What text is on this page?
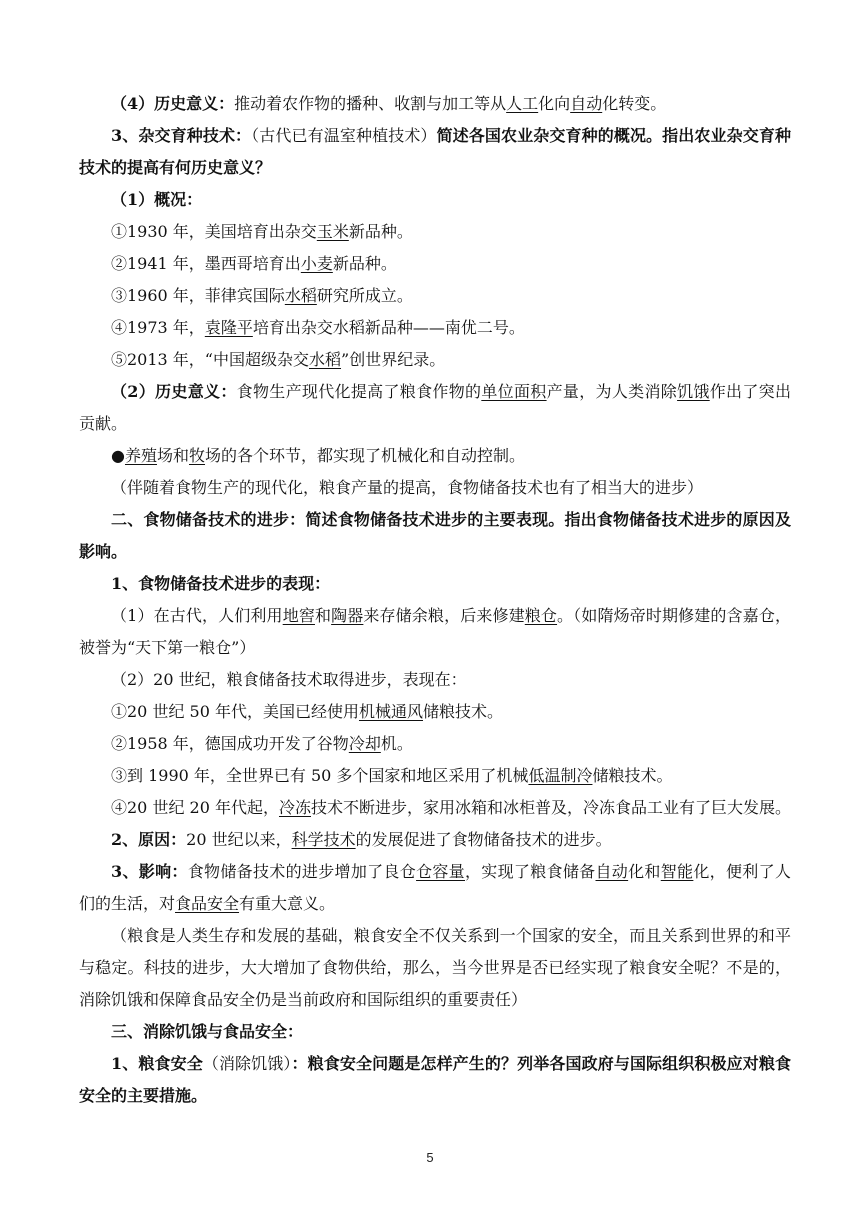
（4）历史意义：推动着农作物的播种、收割与加工等从人工化向自动化转变。

3、杂交育种技术：（古代已有温室种植技术）简述各国农业杂交育种的概况。指出农业杂交育种技术的提高有何历史意义？

（1）概况：

①1930 年，美国培育出杂交玉米新品种。

②1941 年，墨西哥培育出小麦新品种。

③1960 年，菲律宾国际水稻研究所成立。

④1973 年，袁隆平培育出杂交水稻新品种——南优二号。

⑤2013 年，“中国超级杂交水稻”创世界纪录。

（2）历史意义：食物生产现代化提高了粮食作物的单位面积产量，为人类消除饥饿作出了突出贡献。

●养殖场和牧场的各个环节，都实现了机械化和自动控制。

（伴随着食物生产的现代化，粮食产量的提高，食物储备技术也有了相当大的进步）

二、食物储备技术的进步：简述食物储备技术进步的主要表现。指出食物储备技术进步的原因及影响。

1、食物储备技术进步的表现：

（1）在古代，人们利用地窖和陶器来存储余粮，后来修建粮仓。（如隋炀帝时期修建的含嘉仓，被誉为“天下第一粮仓”）

（2）20 世纪，粮食储备技术取得进步，表现在：

①20 世纪 50 年代，美国已经使用机械通风储粮技术。

②1958 年，德国成功开发了谷物冷却机。

③到 1990 年，全世界已有 50 多个国家和地区采用了机械低温制冷储粮技术。

④20 世纪 20 年代起，冷冻技术不断进步，家用冰箱和冰柜普及，冷冻食品工业有了巨大发展。

2、原因：20 世纪以来，科学技术的发展促进了食物储备技术的进步。

3、影响：食物储备技术的进步增加了良仓仓容量，实现了粮食储备自动化和智能化，便利了人们的生活，对食品安全有重大意义。

（粮食是人类生存和发展的基础，粮食安全不仅关系到一个国家的安全，而且关系到世界的和平与稳定。科技的进步，大大增加了食物供给，那么，当今世界是否已经实现了粮食安全呢？不是的，消除饥饿和保障食品安全仍是当前政府和国际组织的重要责任）

三、消除饥饿与食品安全：

1、粮食安全（消除饥饿）：粮食安全问题是怎样产生的？列举各国政府与国际组织积极应对粮食安全的主要措施。

5
